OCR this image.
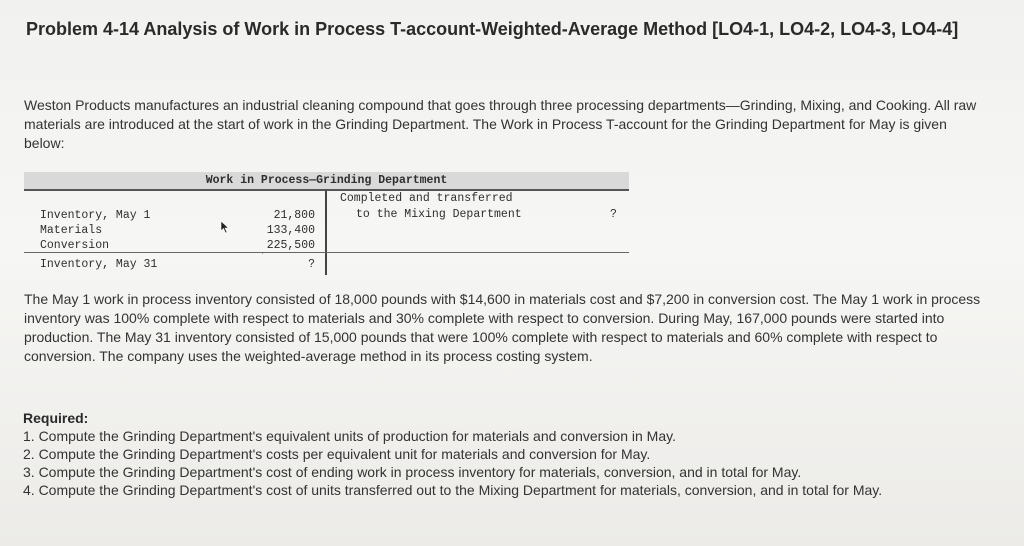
Problem 4-14 Analysis of Work in Process T-account-Weighted-Average Method [LO4-1, LO4-2, LO4-3, LO4-4]

Weston Products manufactures an industrial cleaning compound that goes through three processing departments—Grinding, Mixing, and Cooking. All raw materials are introduced at the start of work in the Grinding Department. The Work in Process T-account for the Grinding Department for May is given below:

Work in Process—Grinding Department
Inventory, May 1	21,800
Materials	133,400
Conversion	225,500
Inventory, May 31	?
Completed and transferred
to the Mixing Department	?
˙

The May 1 work in process inventory consisted of 18,000 pounds with $14,600 in materials cost and $7,200 in conversion cost. The May 1 work in process inventory was 100% complete with respect to materials and 30% complete with respect to conversion. During May, 167,000 pounds were started into production. The May 31 inventory consisted of 15,000 pounds that were 100% complete with respect to materials and 60% complete with respect to conversion. The company uses the weighted-average method in its process costing system.

Required:
1. Compute the Grinding Department's equivalent units of production for materials and conversion in May.
2. Compute the Grinding Department's costs per equivalent unit for materials and conversion for May.
3. Compute the Grinding Department's cost of ending work in process inventory for materials, conversion, and in total for May.
4. Compute the Grinding Department's cost of units transferred out to the Mixing Department for materials, conversion, and in total for May.
